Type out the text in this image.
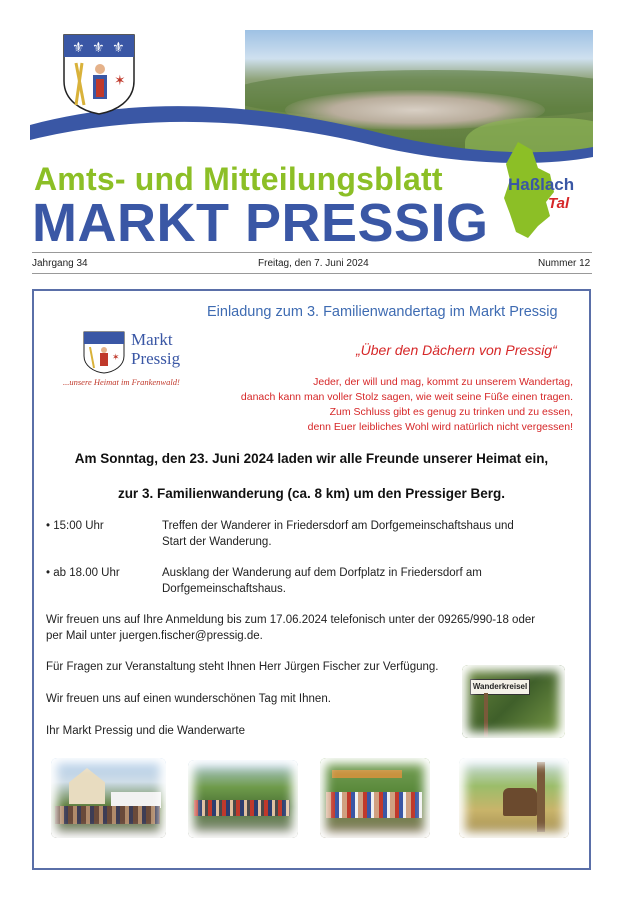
⚜ ⚜ ⚜
✶
Amts- und Mitteilungsblatt
MARKT PRESSIG
Haßlach
Tal
Jahrgang 34	Freitag, den 7. Juni 2024	Nummer 12
Einladung zum 3. Familienwandertag im Markt Pressig
✶
Markt
Pressig
...unsere Heimat im Frankenwald!
„Über den Dächern von Pressig“
Jeder, der will und mag, kommt zu unserem Wandertag,
danach kann man voller Stolz sagen, wie weit seine Füße einen tragen.
Zum Schluss gibt es genug zu trinken und zu essen,
denn Euer leibliches Wohl wird natürlich nicht vergessen!
Am Sonntag, den 23. Juni 2024 laden wir alle Freunde unserer Heimat ein,
zur 3. Familienwanderung (ca. 8 km) um den Pressiger Berg.
• 15:00 Uhr	Treffen der Wanderer in Friedersdorf am Dorfgemeinschaftshaus und
Start der Wanderung.
• ab 18.00 Uhr	Ausklang der Wanderung auf dem Dorfplatz in Friedersdorf am
Dorfgemeinschaftshaus.
Wir freuen uns auf Ihre Anmeldung bis zum 17.06.2024 telefonisch unter der 09265/990-18 oder
per Mail unter juergen.fischer@pressig.de.
Für Fragen zur Veranstaltung steht Ihnen Herr Jürgen Fischer zur Verfügung.
Wir freuen uns auf einen wunderschönen Tag mit Ihnen.
Ihr Markt Pressig und die Wanderwarte
Wanderkreisel
